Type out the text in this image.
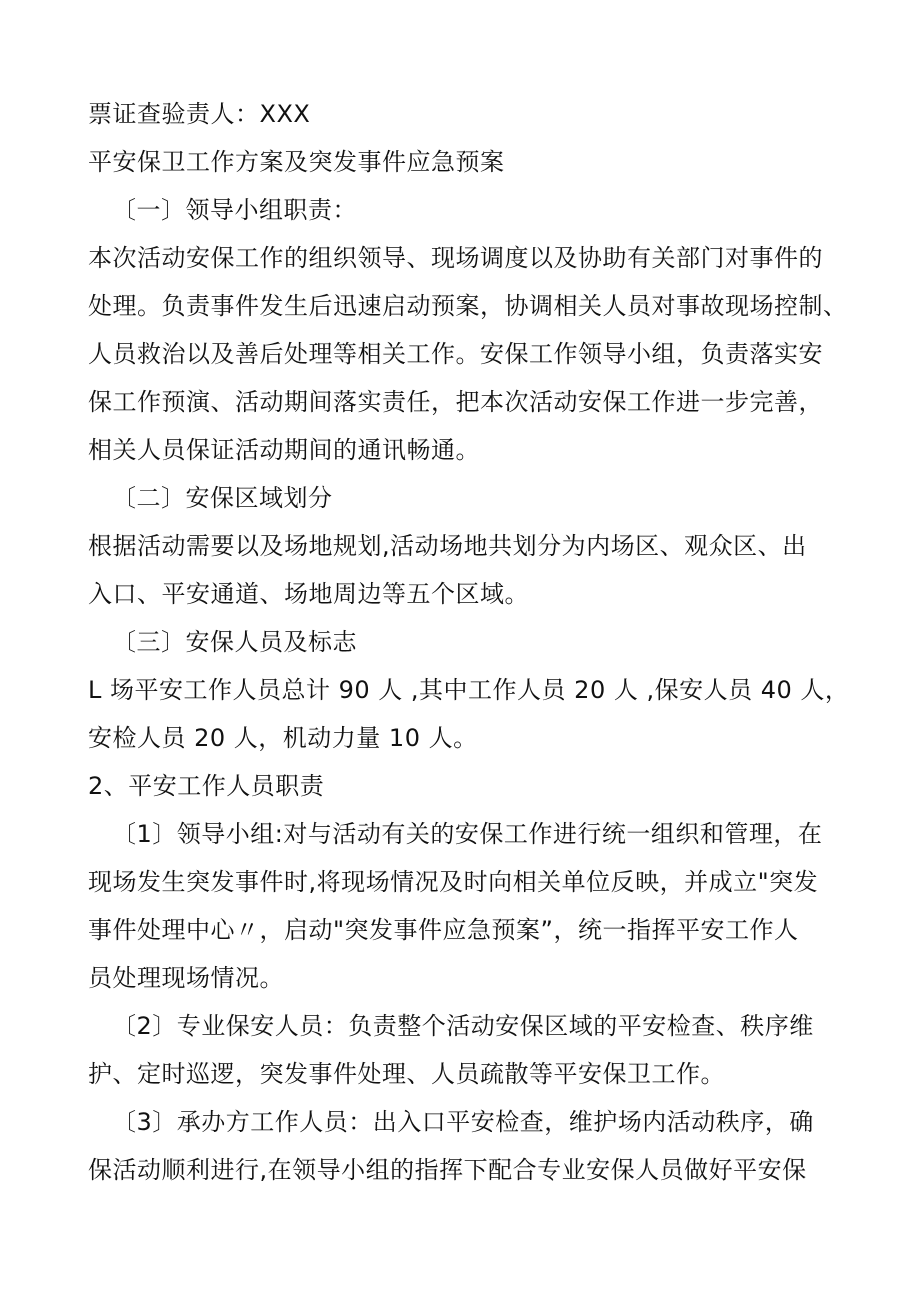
票证查验责人：XXX
平安保卫工作方案及突发事件应急预案
〔一〕领导小组职责：
本次活动安保工作的组织领导、现场调度以及协助有关部门对事件的
处理。负责事件发生后迅速启动预案，协调相关人员对事故现场控制、
人员救治以及善后处理等相关工作。安保工作领导小组，负责落实安
保工作预演、活动期间落实责任，把本次活动安保工作进一步完善，
相关人员保证活动期间的通讯畅通。
〔二〕安保区域划分
根据活动需要以及场地规划,活动场地共划分为内场区、观众区、出
入口、平安通道、场地周边等五个区域。
〔三〕安保人员及标志
L 场平安工作人员总计 90 人 ,其中工作人员 20 人 ,保安人员 40 人，
安检人员 20 人，机动力量 10 人。
2、平安工作人员职责
〔1〕领导小组:对与活动有关的安保工作进行统一组织和管理，在
现场发生突发事件时,将现场情况及时向相关单位反映，并成立"突发
事件处理中心〃，启动"突发事件应急预案”，统一指挥平安工作人
员处理现场情况。
〔2〕专业保安人员：负责整个活动安保区域的平安检查、秩序维
护、定时巡逻，突发事件处理、人员疏散等平安保卫工作。
〔3〕承办方工作人员：出入口平安检查，维护场内活动秩序，确
保活动顺利进行,在领导小组的指挥下配合专业安保人员做好平安保
